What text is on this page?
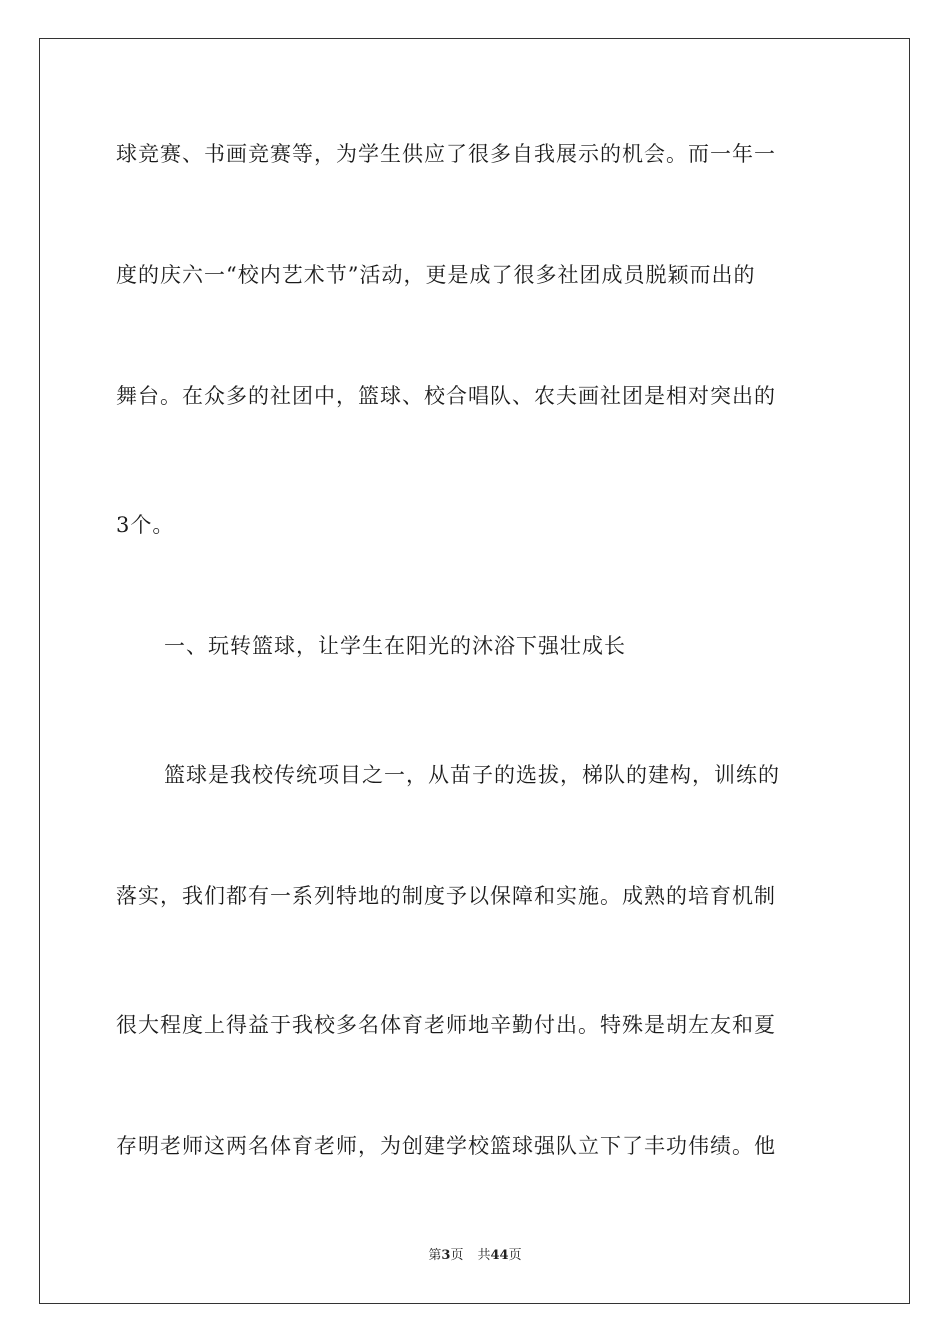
球竞赛、书画竞赛等，为学生供应了很多自我展示的机会。而一年一
度的庆六一“校内艺术节”活动，更是成了很多社团成员脱颖而出的
舞台。在众多的社团中，篮球、校合唱队、农夫画社团是相对突出的
3个。
一、玩转篮球，让学生在阳光的沐浴下强壮成长
篮球是我校传统项目之一，从苗子的选拔，梯队的建构，训练的
落实，我们都有一系列特地的制度予以保障和实施。成熟的培育机制
很大程度上得益于我校多名体育老师地辛勤付出。特殊是胡左友和夏
存明老师这两名体育老师，为创建学校篮球强队立下了丰功伟绩。他
第3页 共44页
